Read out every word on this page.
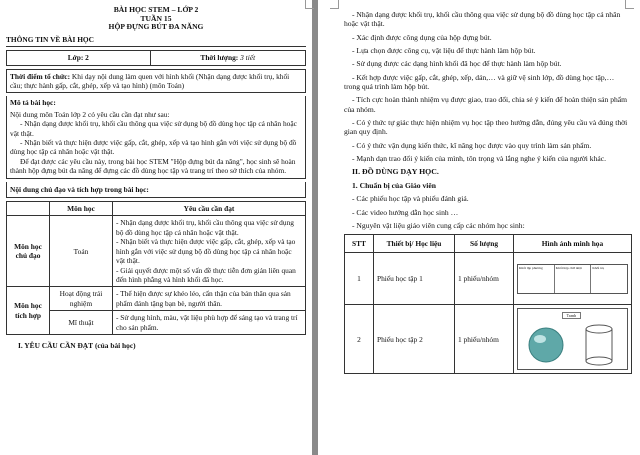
BÀI HỌC STEM – LỚP 2
TUẦN 15
HỘP ĐỰNG BÚT ĐA NĂNG
THÔNG TIN VỀ BÀI HỌC
Lớp: 2	Thời lượng: 3 tiết
Thời điểm tổ chức: Khi dạy nội dung làm quen với hình khối (Nhận dạng được khối trụ, khối cầu; thực hành gấp, cắt, ghép, xếp và tạo hình) (môn Toán)
Mô tả bài học:
Nội dung môn Toán lớp 2 có yêu cầu cần đạt như sau:
- Nhận dạng được khối trụ, khối cầu thông qua việc sử dụng bộ đồ dùng học tập cá nhân hoặc vật thật.
- Nhận biết và thực hiện được việc gấp, cắt, ghép, xếp và tạo hình gắn với việc sử dụng bộ đồ dùng học tập cá nhân hoặc vật thật.
Để đạt được các yêu cầu này, trong bài học STEM "Hộp đựng bút đa năng", học sinh sẽ hoàn thành hộp đựng bút đa năng để đựng các đồ dùng học tập và trang trí theo sở thích của nhóm.
Nội dung chủ đạo và tích hợp trong bài học:
	Môn học	Yêu cầu cần đạt
Môn học chủ đạo	Toán	- Nhận dạng được khối trụ, khối cầu thông qua việc sử dụng bộ đồ dùng học tập cá nhân hoặc vật thật.
- Nhận biết và thực hiện được việc gấp, cắt, ghép, xếp và tạo hình gắn với việc sử dụng bộ đồ dùng học tập cá nhân hoặc vật thật.
- Giải quyết được một số vấn đề thực tiễn đơn giản liên quan đến hình phẳng và hình khối đã học.

Môn học tích hợp	Hoạt động trải nghiệm	- Thể hiện được sự khéo léo, cẩn thận của bản thân qua sản phẩm đánh tặng bạn bè, người thân.
	Mĩ thuật	- Sử dụng hình, màu, vật liệu phù hợp để sáng tạo và trang trí cho sản phẩm.
I. YÊU CẦU CẦN ĐẠT (của bài học)
- Nhận dạng được khối trụ, khối cầu thông qua việc sử dụng bộ đồ dùng học tập cá nhân hoặc vật thật.
- Xác định được công dụng của hộp đựng bút.
- Lựa chọn được công cụ, vật liệu để thực hành làm hộp bút.
- Sử dụng được các dạng hình khối đã học để thực hành làm hộp bút.
- Kết hợp được việc gấp, cắt, ghép, xếp, dán,… và giữ vệ sinh lớp, đồ dùng học tập,… trong quá trình làm hộp bút.
- Tích cực hoàn thành nhiệm vụ được giao, trao đổi, chia sẻ ý kiến để hoàn thiện sản phẩm của nhóm.
- Có ý thức tự giác thực hiện nhiệm vụ học tập theo hướng dẫn, đúng yêu cầu và đúng thời gian quy định.
- Có ý thức vận dụng kiến thức, kĩ năng học được vào quy trình làm sản phẩm.
- Mạnh dạn trao đổi ý kiến của mình, tôn trọng và lắng nghe ý kiến của người khác.
II. ĐỒ DÙNG DẠY HỌC.
1. Chuẩn bị của Giáo viên
- Các phiếu học tập và phiếu đánh giá.
- Các video hướng dẫn học sinh …
- Nguyên vật liệu giáo viên cung cấp các nhóm học sinh:
STT	Thiết bị/ Học liệu	Số lượng	Hình ảnh minh họa
1	Phiếu học tập 1	1 phiếu/nhóm	Khối lập phương Khối hộp chữ nhật Khối trụ

2	Phiếu học tập 2	1 phiếu/nhóm	Tranh
